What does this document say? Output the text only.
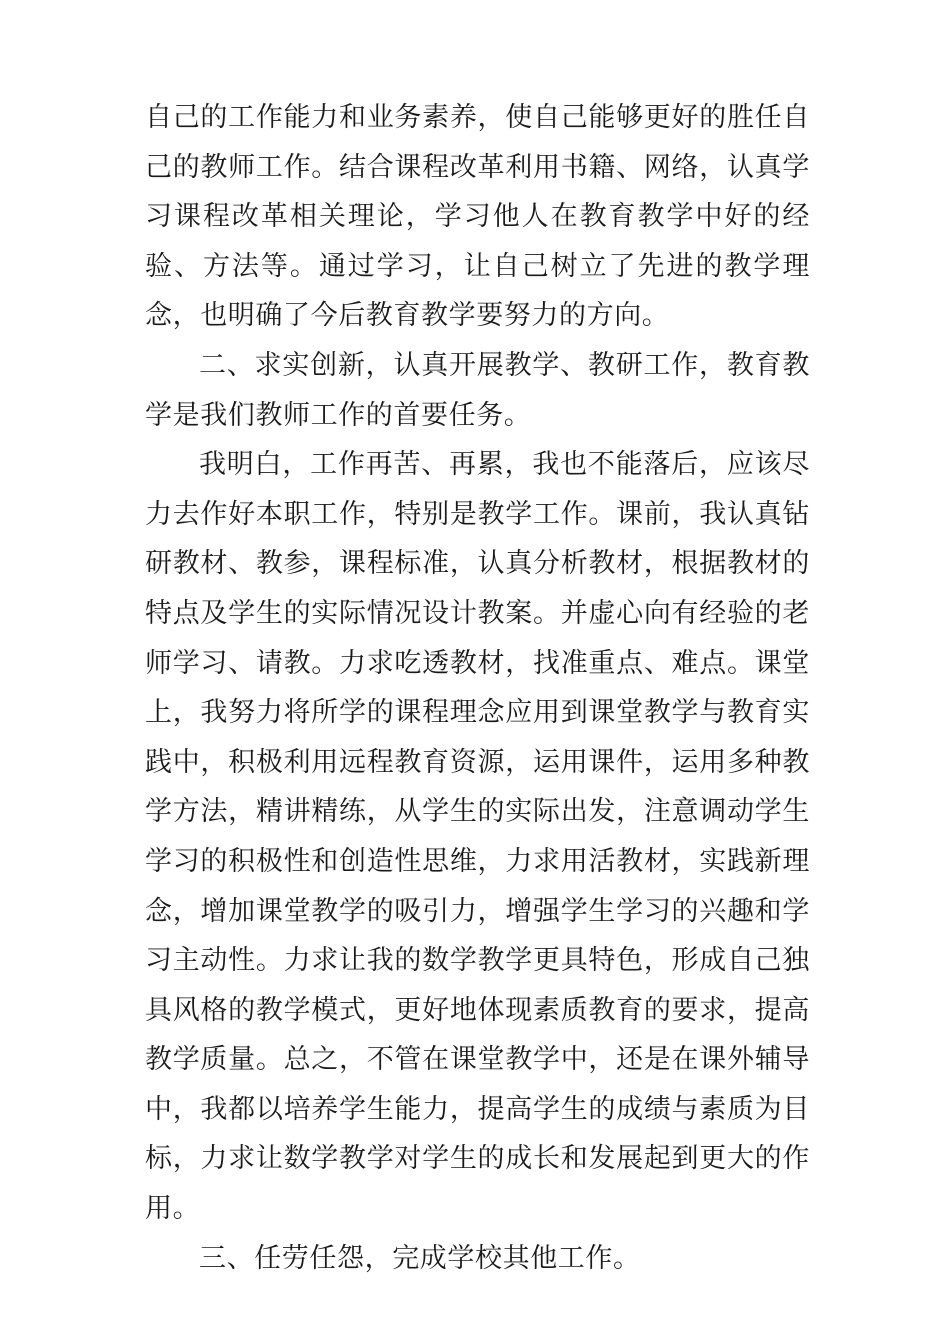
自己的工作能力和业务素养，使自己能够更好的胜任自己的教师工作。结合课程改革利用书籍、网络，认真学习课程改革相关理论，学习他人在教育教学中好的经验、方法等。通过学习，让自己树立了先进的教学理念，也明确了今后教育教学要努力的方向。

二、求实创新，认真开展教学、教研工作，教育教学是我们教师工作的首要任务。

我明白，工作再苦、再累，我也不能落后，应该尽力去作好本职工作，特别是教学工作。课前，我认真钻研教材、教参，课程标准，认真分析教材，根据教材的特点及学生的实际情况设计教案。并虚心向有经验的老师学习、请教。力求吃透教材，找准重点、难点。课堂上，我努力将所学的课程理念应用到课堂教学与教育实践中，积极利用远程教育资源，运用课件，运用多种教学方法，精讲精练，从学生的实际出发，注意调动学生学习的积极性和创造性思维，力求用活教材，实践新理念，增加课堂教学的吸引力，增强学生学习的兴趣和学习主动性。力求让我的数学教学更具特色，形成自己独具风格的教学模式，更好地体现素质教育的要求，提高教学质量。总之，不管在课堂教学中，还是在课外辅导中，我都以培养学生能力，提高学生的成绩与素质为目标，力求让数学教学对学生的成长和发展起到更大的作用。

三、任劳任怨，完成学校其他工作。
